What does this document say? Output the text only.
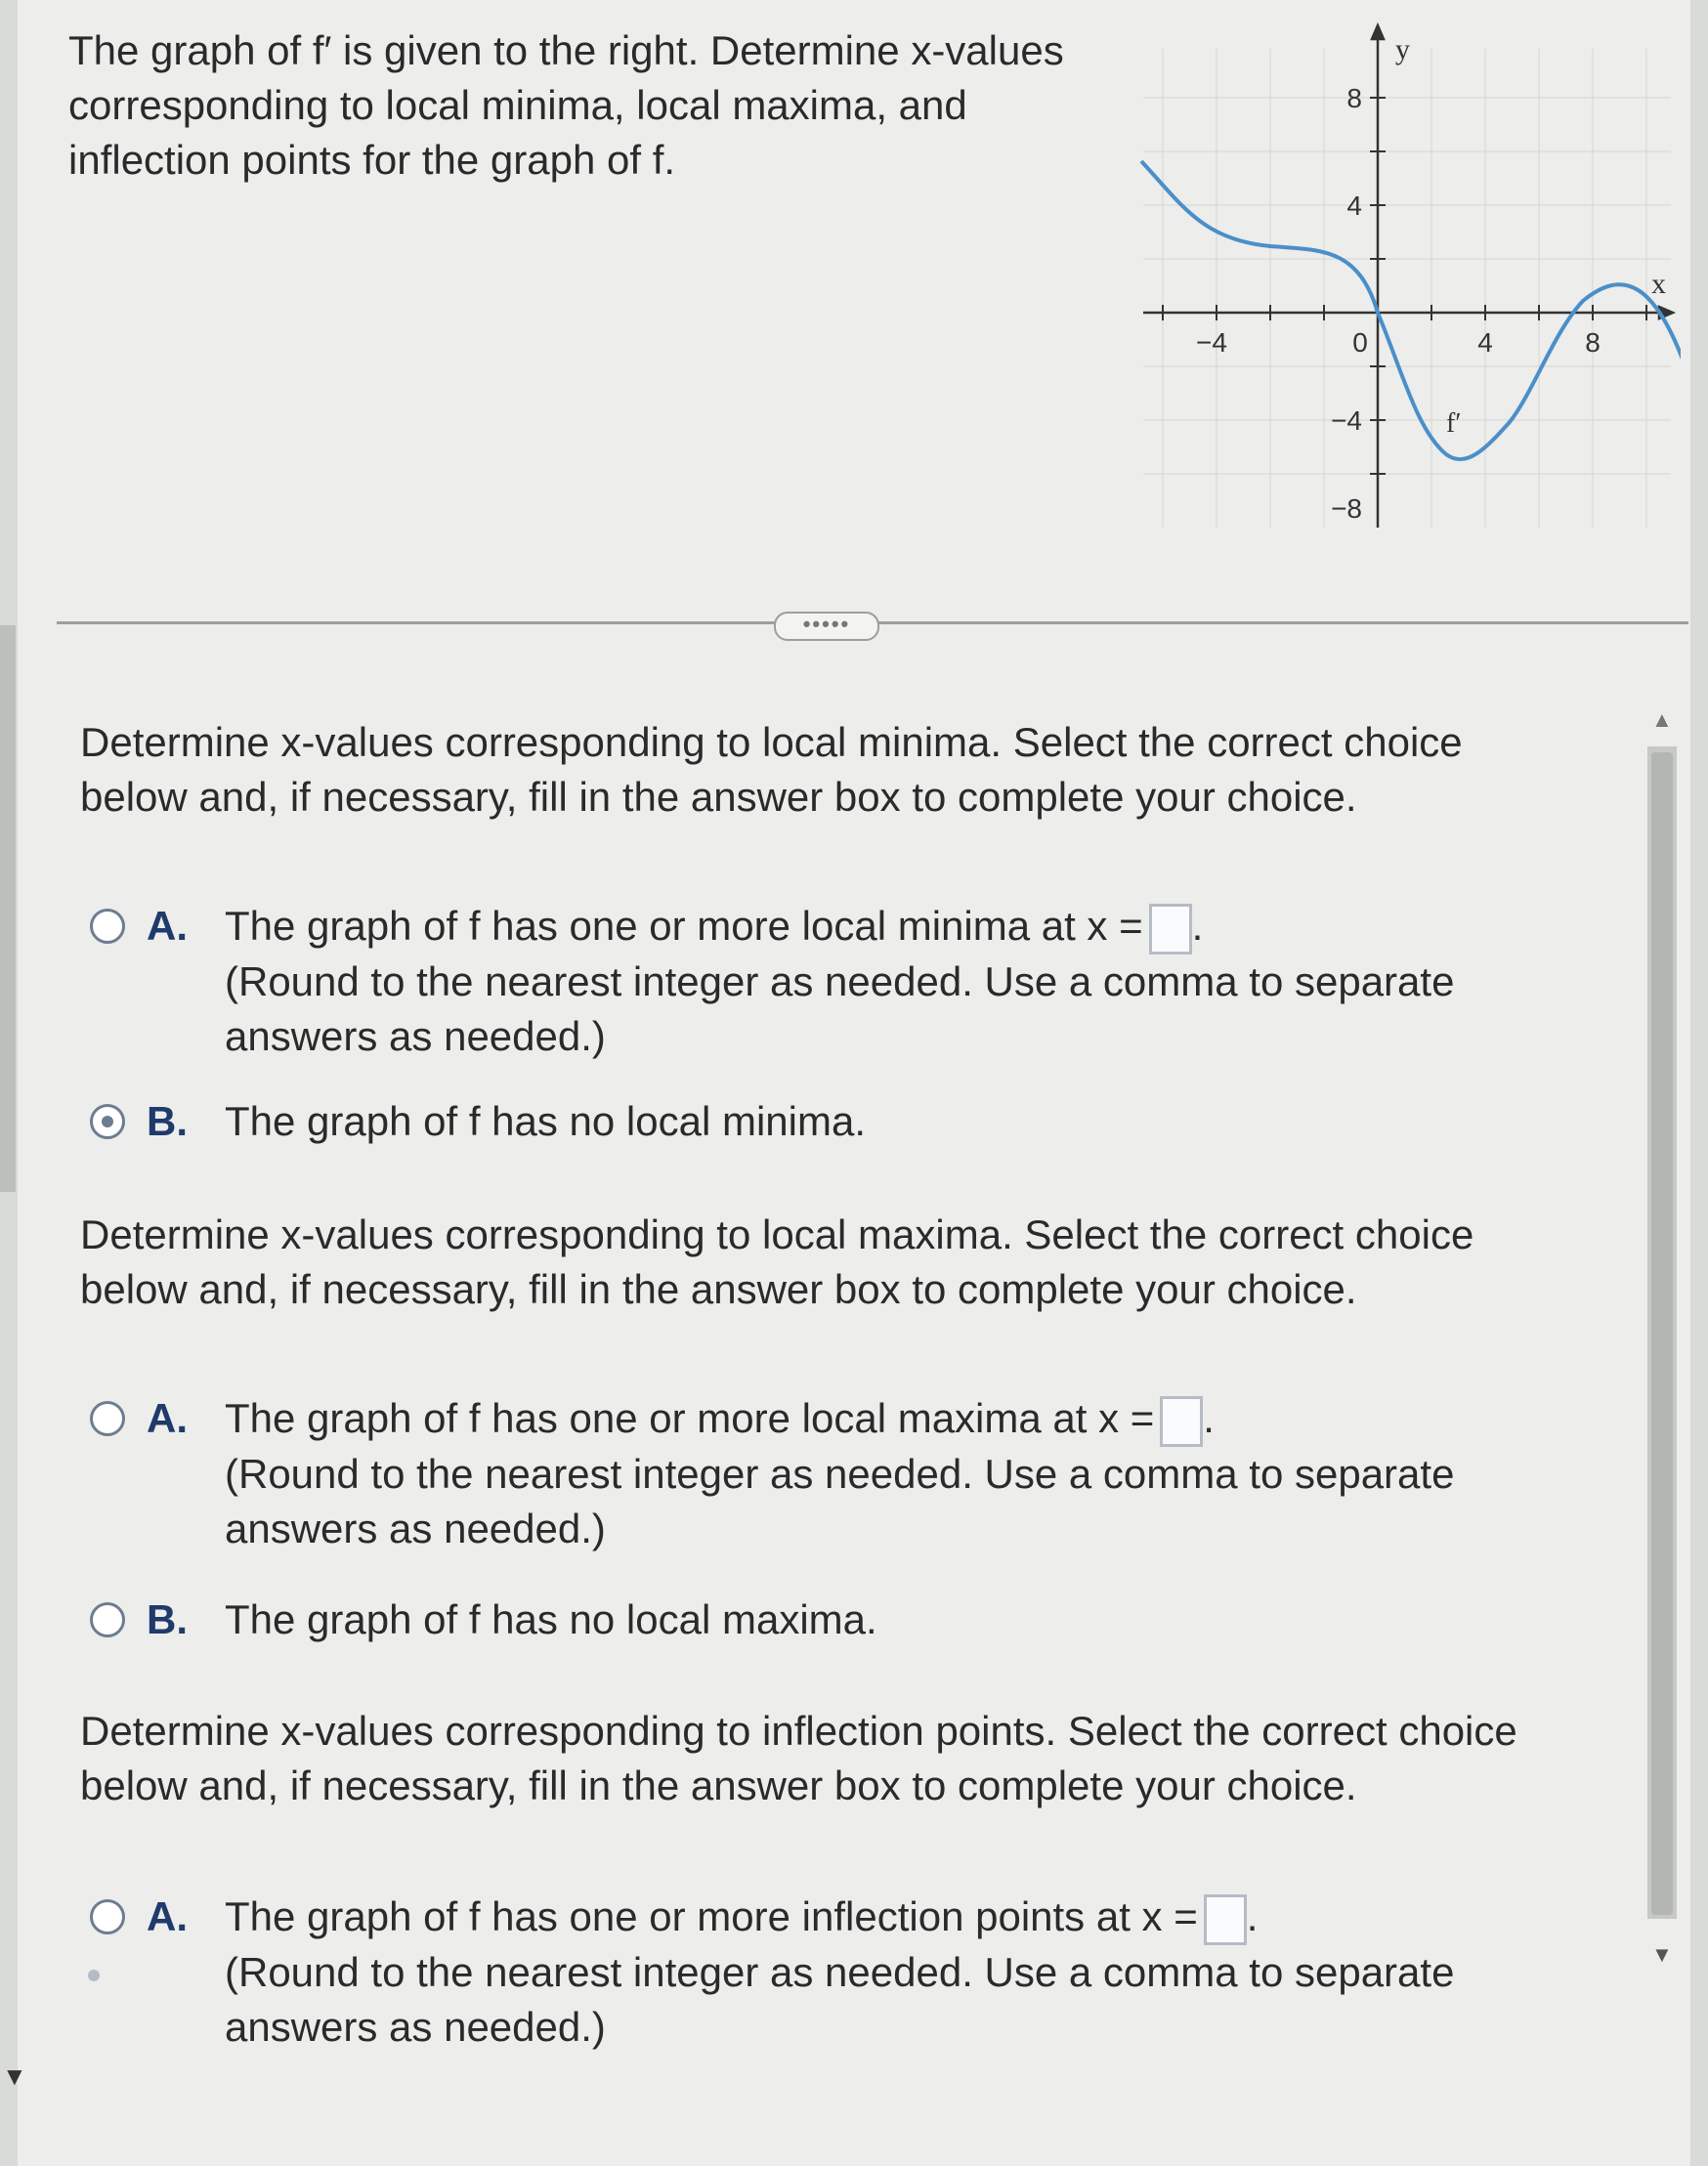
▼
The graph of f′ is given to the right. Determine x-values
corresponding to local minima, local maxima, and
inflection points for the graph of f.
y
x
f′
−4	0	4	8
8
4
−4
−8
•••••
Determine x-values corresponding to local minima. Select the correct choice
below and, if necessary, fill in the answer box to complete your choice.
A. The graph of f has one or more local minima at x = .
(Round to the nearest integer as needed. Use a comma to separate
answers as needed.)
B. The graph of f has no local minima.
Determine x-values corresponding to local maxima. Select the correct choice
below and, if necessary, fill in the answer box to complete your choice.
A. The graph of f has one or more local maxima at x = .
(Round to the nearest integer as needed. Use a comma to separate
answers as needed.)
B. The graph of f has no local maxima.
Determine x-values corresponding to inflection points. Select the correct choice
below and, if necessary, fill in the answer box to complete your choice.
A. The graph of f has one or more inflection points at x = .
(Round to the nearest integer as needed. Use a comma to separate
answers as needed.)
▲
▼
